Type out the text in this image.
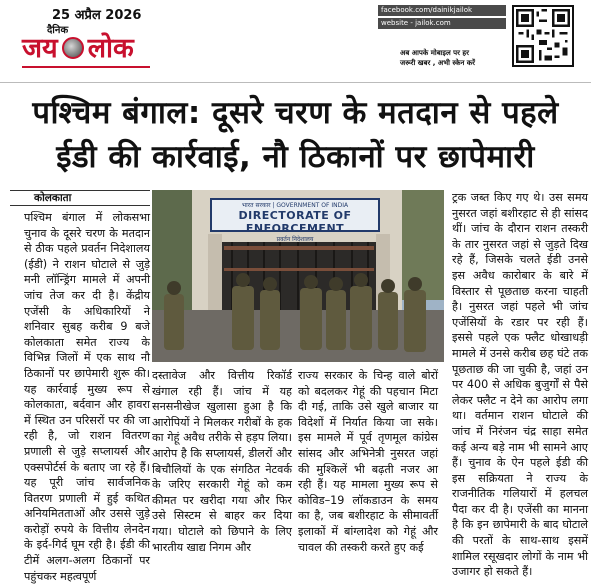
25 अप्रैल 2026
दैनिक
जय लोक
facebook.com/dainikjailok
website - jailok.com
अब आपके मोबाइल पर हर
जरूरी खबर , अभी स्केन करें
पश्चिम बंगाल: दूसरे चरण के मतदान से पहले
ईडी की कार्रवाई, नौ ठिकानों पर छापेमारी
कोलकाता

पश्चिम बंगाल में लोकसभा चुनाव के दूसरे चरण के मतदान से ठीक पहले प्रवर्तन निदेशालय (ईडी) ने राशन घोटाले से जुड़े मनी लॉन्ड्रिंग मामले में अपनी जांच तेज कर दी है। केंद्रीय एजेंसी के अधिकारियों ने शनिवार सुबह करीब 9 बजे कोलकाता समेत राज्य के विभिन्न जिलों में एक साथ नौ ठिकानों पर छापेमारी शुरू की। यह कार्रवाई मुख्य रूप से कोलकाता, बर्दवान और हावरा में स्थित उन परिसरों पर की जा रही है, जो राशन वितरण प्रणाली से जुड़े सप्लायर्स और एक्सपोर्टर्स के बताए जा रहे हैं। यह पूरी जांच सार्वजनिक वितरण प्रणाली में हुई कथित अनियमितताओं और उससे जुड़े करोड़ों रुपये के वित्तीय लेनदेन के इर्द-गिर्द घूम रही है। ईडी की टीमें अलग-अलग ठिकानों पर पहुंचकर महत्वपूर्ण

भारत सरकार | GOVERNMENT OF INDIA
DIRECTORATE OF ENFORCEMENT
प्रवर्तन निदेशालय

दस्तावेज और वित्तीय रिकॉर्ड खंगाल रही हैं। जांच में यह सनसनीखेज खुलासा हुआ है कि आरोपियों ने मिलकर गरीबों के हक का गेहूं अवैध तरीके से हड़प लिया। आरोप है कि सप्लायर्स, डीलरों और बिचौलियों के एक संगठित नेटवर्क के जरिए सरकारी गेहूं को कम कीमत पर खरीदा गया और फिर उसे सिस्टम से बाहर कर दिया गया। घोटाले को छिपाने के लिए भारतीय खाद्य निगम और

राज्य सरकार के चिन्ह वाले बोरों को बदलकर गेहूं की पहचान मिटा दी गई, ताकि उसे खुले बाजार या विदेशों में निर्यात किया जा सके। इस मामले में पूर्व तृणमूल कांग्रेस सांसद और अभिनेत्री नुसरत जहां की मुश्किलें भी बढ़ती नजर आ रही हैं। यह मामला मुख्य रूप से कोविड–19 लॉकडाउन के समय का है, जब बशीरहाट के सीमावर्ती इलाकों में बांग्लादेश को गेहूं और चावल की तस्करी करते हुए कई

ट्रक जब्त किए गए थे। उस समय नुसरत जहां बशीरहाट से ही सांसद थीं। जांच के दौरान राशन तस्करी के तार नुसरत जहां से जुड़ते दिख रहे हैं, जिसके चलते ईडी उनसे इस अवैध कारोबार के बारे में विस्तार से पूछताछ करना चाहती है। नुसरत जहां पहले भी जांच एजेंसियों के रडार पर रही हैं। इससे पहले एक फ्लैट धोखाधड़ी मामले में उनसे करीब छह घंटे तक पूछताछ की जा चुकी है, जहां उन पर 400 से अधिक बुजुर्गों से पैसे लेकर फ्लैट न देने का आरोप लगा था। वर्तमान राशन घोटाले की जांच में निरंजन चंद्र साहा समेत कई अन्य बड़े नाम भी सामने आए हैं। चुनाव के ऐन पहले ईडी की इस सक्रियता ने राज्य के राजनीतिक गलियारों में हलचल पैदा कर दी है। एजेंसी का मानना है कि इन छापेमारी के बाद घोटाले की परतों के साथ-साथ इसमें शामिल रसूखदार लोगों के नाम भी उजागर हो सकते हैं।
